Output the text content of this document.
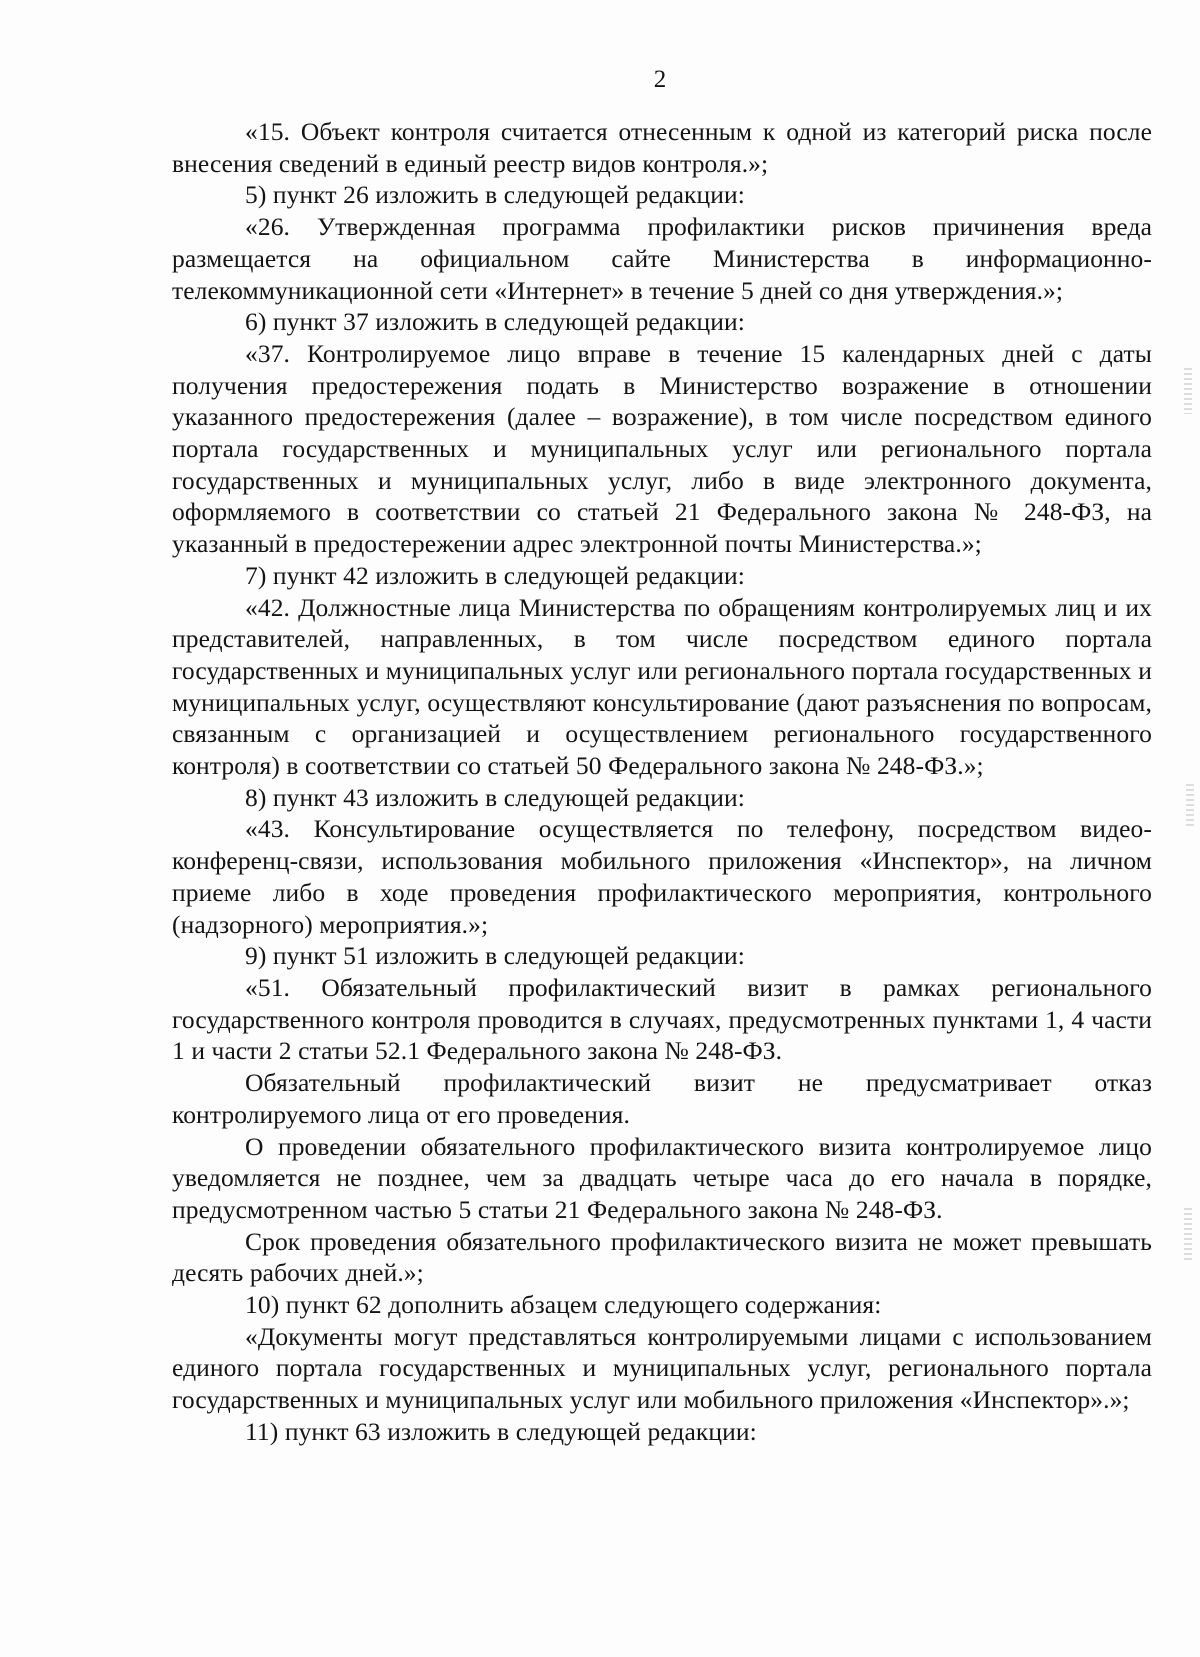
2

«15. Объект контроля считается отнесенным к одной из категорий риска после внесения сведений в единый реестр видов контроля.»;

5) пункт 26 изложить в следующей редакции:

«26. Утвержденная программа профилактики рисков причинения вреда размещается на официальном сайте Министерства в информационно-телекоммуникационной сети «Интернет» в течение 5 дней со дня утверждения.»;

6) пункт 37 изложить в следующей редакции:

«37. Контролируемое лицо вправе в течение 15 календарных дней с даты получения предостережения подать в Министерство возражение в отношении указанного предостережения (далее – возражение), в том числе посредством единого портала государственных и муниципальных услуг или регионального портала государственных и муниципальных услуг, либо в виде электронного документа, оформляемого в соответствии со статьей 21 Федерального закона № 248-ФЗ, на указанный в предостережении адрес электронной почты Министерства.»;

7) пункт 42 изложить в следующей редакции:

«42. Должностные лица Министерства по обращениям контролируемых лиц и их представителей, направленных, в том числе посредством единого портала государственных и муниципальных услуг или регионального портала государственных и муниципальных услуг, осуществляют консультирование (дают разъяснения по вопросам, связанным с организацией и осуществлением регионального государственного контроля) в соответствии со статьей 50 Федерального закона № 248-ФЗ.»;

8) пункт 43 изложить в следующей редакции:

«43. Консультирование осуществляется по телефону, посредством видео-конференц-связи, использования мобильного приложения «Инспектор», на личном приеме либо в ходе проведения профилактического мероприятия, контрольного (надзорного) мероприятия.»;

9) пункт 51 изложить в следующей редакции:

«51. Обязательный профилактический визит в рамках регионального государственного контроля проводится в случаях, предусмотренных пунктами 1, 4 части 1 и части 2 статьи 52.1 Федерального закона № 248-ФЗ.

Обязательный профилактический визит не предусматривает отказ контролируемого лица от его проведения.

О проведении обязательного профилактического визита контролируемое лицо уведомляется не позднее, чем за двадцать четыре часа до его начала в порядке, предусмотренном частью 5 статьи 21 Федерального закона № 248-ФЗ.

Срок проведения обязательного профилактического визита не может превышать десять рабочих дней.»;

10) пункт 62 дополнить абзацем следующего содержания:

«Документы могут представляться контролируемыми лицами с использованием единого портала государственных и муниципальных услуг, регионального портала государственных и муниципальных услуг или мобильного приложения «Инспектор».»;

11) пункт 63 изложить в следующей редакции:
